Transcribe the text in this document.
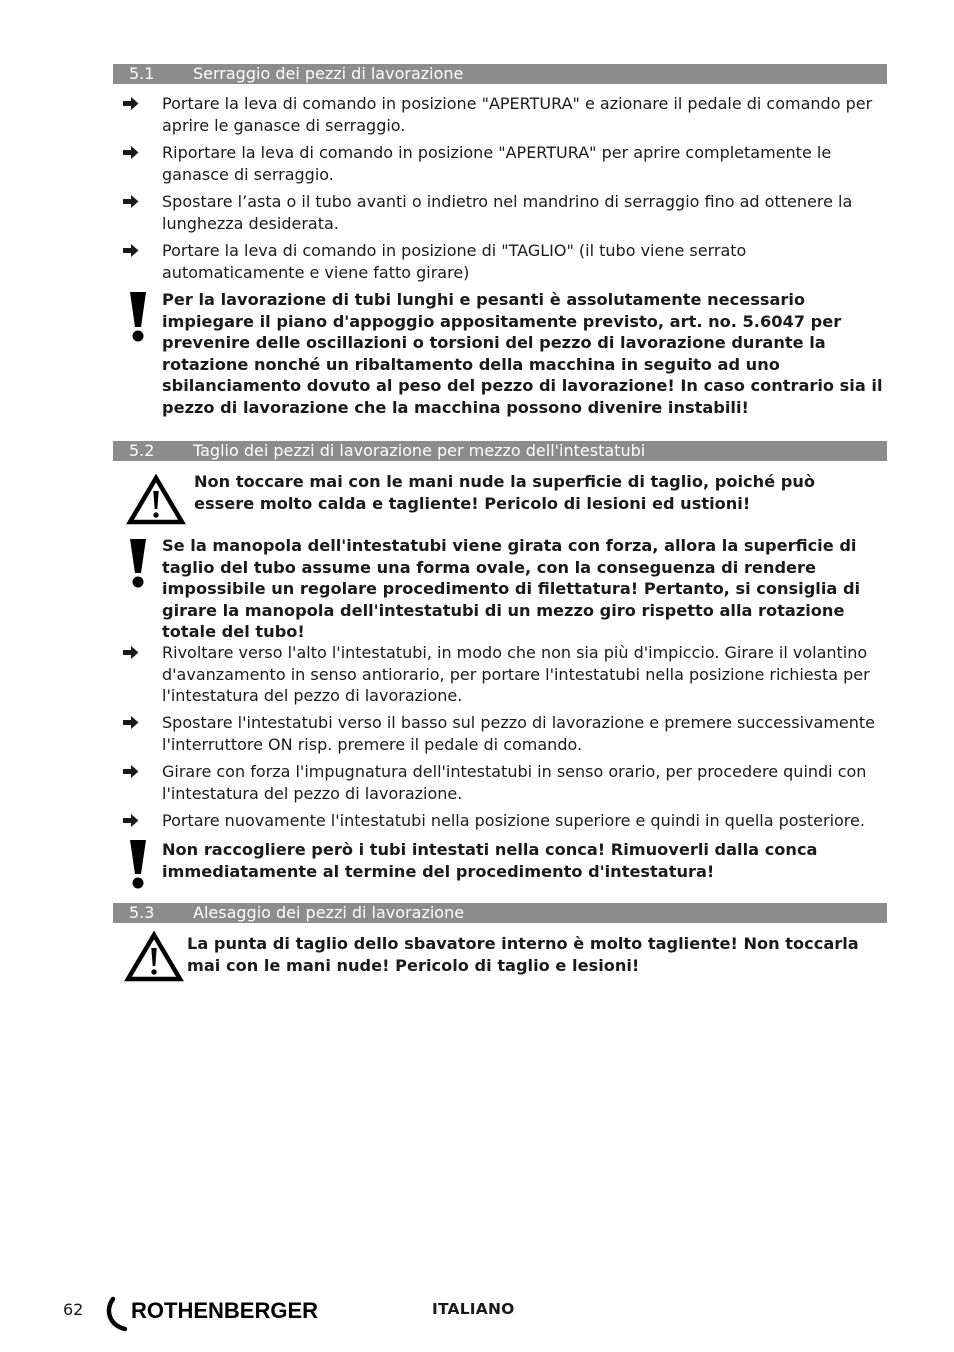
5.1 Serraggio dei pezzi di lavorazione
Portare la leva di comando in posizione "APERTURA" e azionare il pedale di comando per aprire le ganasce di serraggio.
Riportare la leva di comando in posizione "APERTURA" per aprire completamente le ganasce di serraggio.
Spostare l’asta o il tubo avanti o indietro nel mandrino di serraggio fino ad ottenere la lunghezza desiderata.
Portare la leva di comando in posizione di "TAGLIO" (il tubo viene serrato automaticamente e viene fatto girare)
Per la lavorazione di tubi lunghi e pesanti è assolutamente necessario impiegare il piano d'appoggio appositamente previsto, art. no. 5.6047 per prevenire delle oscillazioni o torsioni del pezzo di lavorazione durante la rotazione nonché un ribaltamento della macchina in seguito ad uno sbilanciamento dovuto al peso del pezzo di lavorazione! In caso contrario sia il pezzo di lavorazione che la macchina possono divenire instabili!
5.2 Taglio dei pezzi di lavorazione per mezzo dell'intestatubi
Non toccare mai con le mani nude la superficie di taglio, poiché può essere molto calda e tagliente! Pericolo di lesioni ed ustioni!
Se la manopola dell'intestatubi viene girata con forza, allora la superficie di taglio del tubo assume una forma ovale, con la conseguenza di rendere impossibile un regolare procedimento di filettatura! Pertanto, si consiglia di girare la manopola dell'intestatubi di un mezzo giro rispetto alla rotazione totale del tubo!
Rivoltare verso l'alto l'intestatubi, in modo che non sia più d'impiccio. Girare il volantino d'avanzamento in senso antiorario, per portare l'intestatubi nella posizione richiesta per l'intestatura del pezzo di lavorazione.
Spostare l'intestatubi verso il basso sul pezzo di lavorazione e premere successivamente l'interruttore ON risp. premere il pedale di comando.
Girare con forza l'impugnatura dell'intestatubi in senso orario, per procedere quindi con l'intestatura del pezzo di lavorazione.
Portare nuovamente l'intestatubi nella posizione superiore e quindi in quella posteriore.
Non raccogliere però i tubi intestati nella conca! Rimuoverli dalla conca immediatamente al termine del procedimento d'intestatura!
5.3 Alesaggio dei pezzi di lavorazione
La punta di taglio dello sbavatore interno è molto tagliente! Non toccarla mai con le mani nude! Pericolo di taglio e lesioni!
62 ROTHENBERGER	ITALIANO
